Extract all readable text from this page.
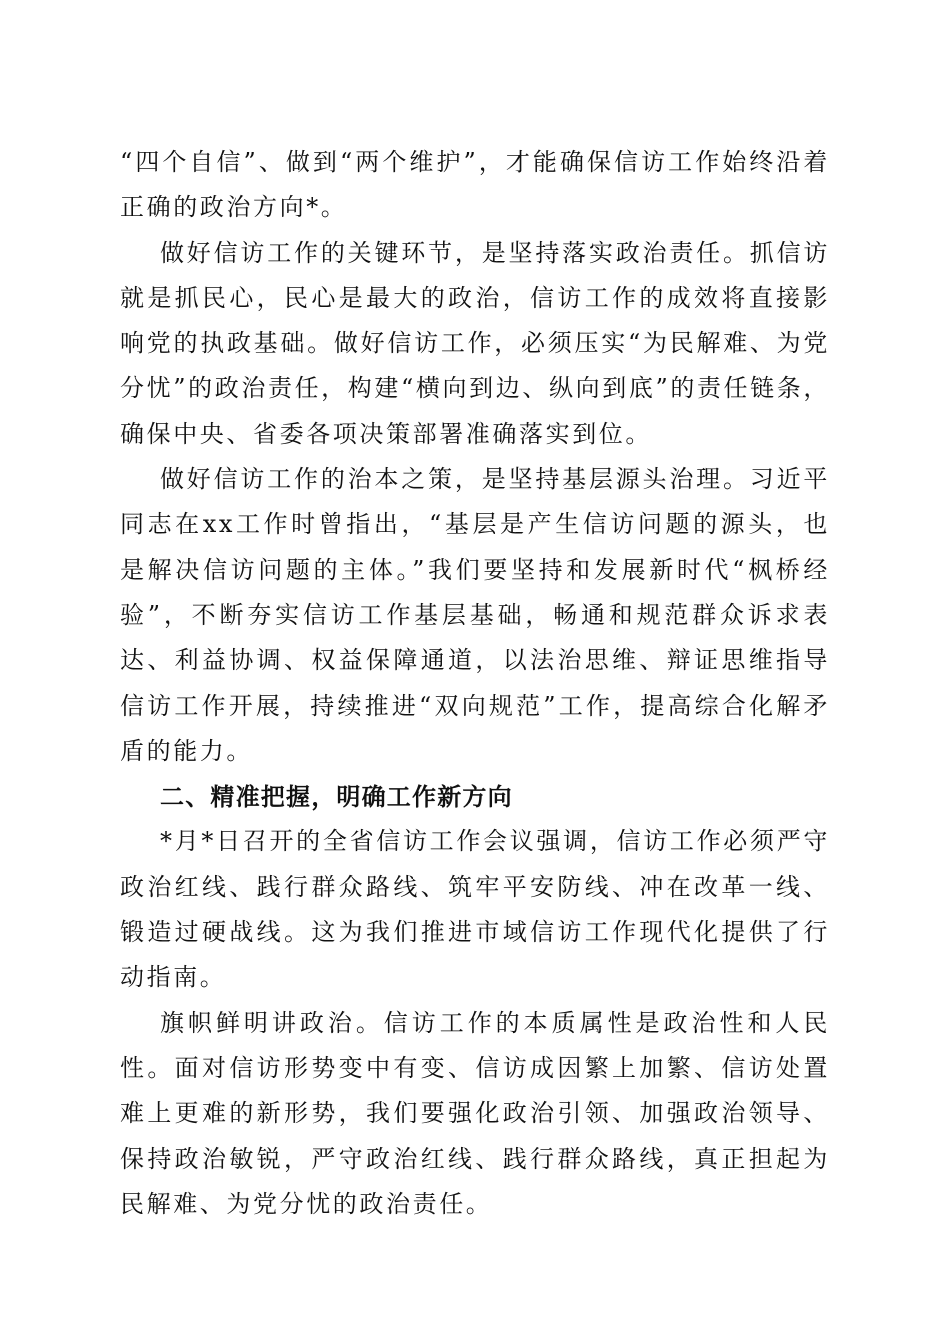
“四个自信”、做到“两个维护”，才能确保信访工作始终沿着正确的政治方向*。

做好信访工作的关键环节，是坚持落实政治责任。抓信访就是抓民心，民心是最大的政治，信访工作的成效将直接影响党的执政基础。做好信访工作，必须压实“为民解难、为党分忧”的政治责任，构建“横向到边、纵向到底”的责任链条，确保中央、省委各项决策部署准确落实到位。

做好信访工作的治本之策，是坚持基层源头治理。习近平同志在xx工作时曾指出，“基层是产生信访问题的源头，也是解决信访问题的主体。”我们要坚持和发展新时代“枫桥经验”，不断夯实信访工作基层基础，畅通和规范群众诉求表达、利益协调、权益保障通道，以法治思维、辩证思维指导信访工作开展，持续推进“双向规范”工作，提高综合化解矛盾的能力。

二、精准把握，明确工作新方向

*月*日召开的全省信访工作会议强调，信访工作必须严守政治红线、践行群众路线、筑牢平安防线、冲在改革一线、锻造过硬战线。这为我们推进市域信访工作现代化提供了行动指南。

旗帜鲜明讲政治。信访工作的本质属性是政治性和人民性。面对信访形势变中有变、信访成因繁上加繁、信访处置难上更难的新形势，我们要强化政治引领、加强政治领导、保持政治敏锐，严守政治红线、践行群众路线，真正担起为民解难、为党分忧的政治责任。
